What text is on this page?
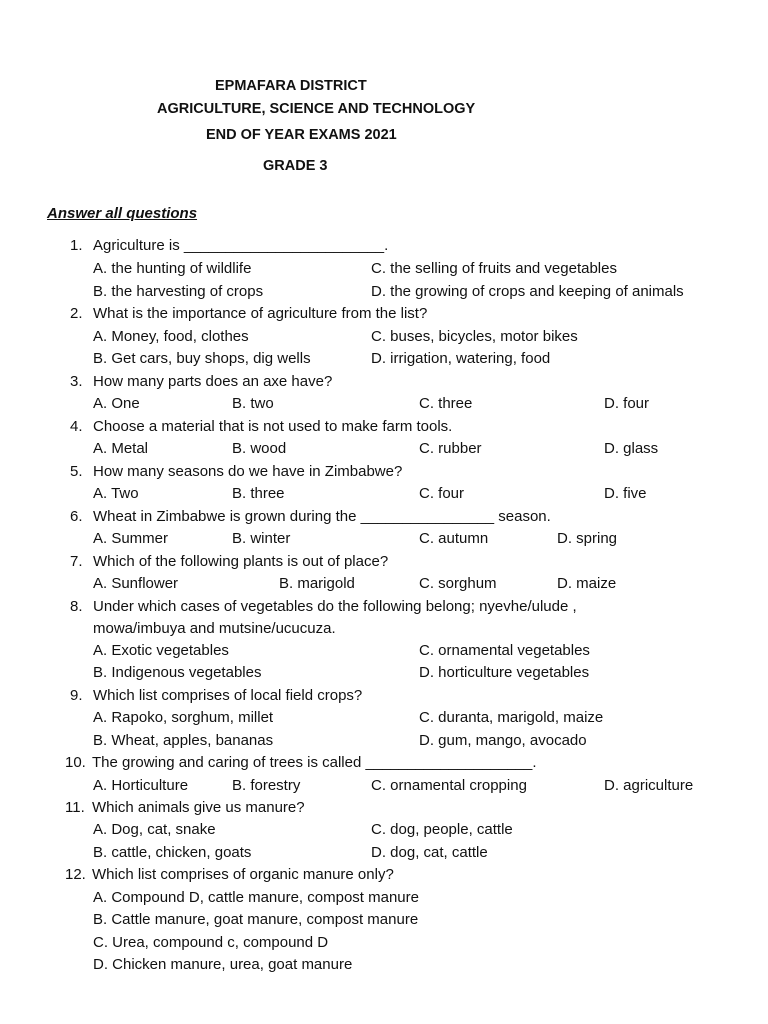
EPMAFARA DISTRICT
AGRICULTURE, SCIENCE AND TECHNOLOGY
END OF YEAR EXAMS 2021
GRADE 3
Answer all questions
1. Agriculture is ________________________.
A. the hunting of wildlife	C. the selling of fruits and vegetables
B. the harvesting of crops	D. the growing of crops and keeping of animals
2. What is the importance of agriculture from the list?
A. Money, food, clothes	C. buses, bicycles, motor bikes
B. Get cars, buy shops, dig wells	D. irrigation, watering, food
3. How many parts does an axe have?
A. One	B. two	C. three	D. four
4. Choose a material that is not used to make farm tools.
A. Metal	B. wood	C. rubber	D. glass
5. How many seasons do we have in Zimbabwe?
A. Two	B. three	C. four	D. five
6. Wheat in Zimbabwe is grown during the ________________ season.
A. Summer	B. winter	C. autumn	D. spring
7. Which of the following plants is out of place?
A. Sunflower	B. marigold	C. sorghum	D. maize
8. Under which cases of vegetables do the following belong; nyevhe/ulude ,
mowa/imbuya and mutsine/ucucuza.
A. Exotic vegetables	C. ornamental vegetables
B. Indigenous vegetables	D. horticulture vegetables
9. Which list comprises of local field crops?
A. Rapoko, sorghum, millet	C. duranta, marigold, maize
B. Wheat, apples, bananas	D. gum, mango, avocado
10. The growing and caring of trees is called ____________________.
A. Horticulture	B. forestry	C. ornamental cropping	D. agriculture
11. Which animals give us manure?
A. Dog, cat, snake	C. dog, people, cattle
B. cattle, chicken, goats	D. dog, cat, cattle
12. Which list comprises of organic manure only?
A. Compound D, cattle manure, compost manure
B. Cattle manure, goat manure, compost manure
C. Urea, compound c, compound D
D. Chicken manure, urea, goat manure
